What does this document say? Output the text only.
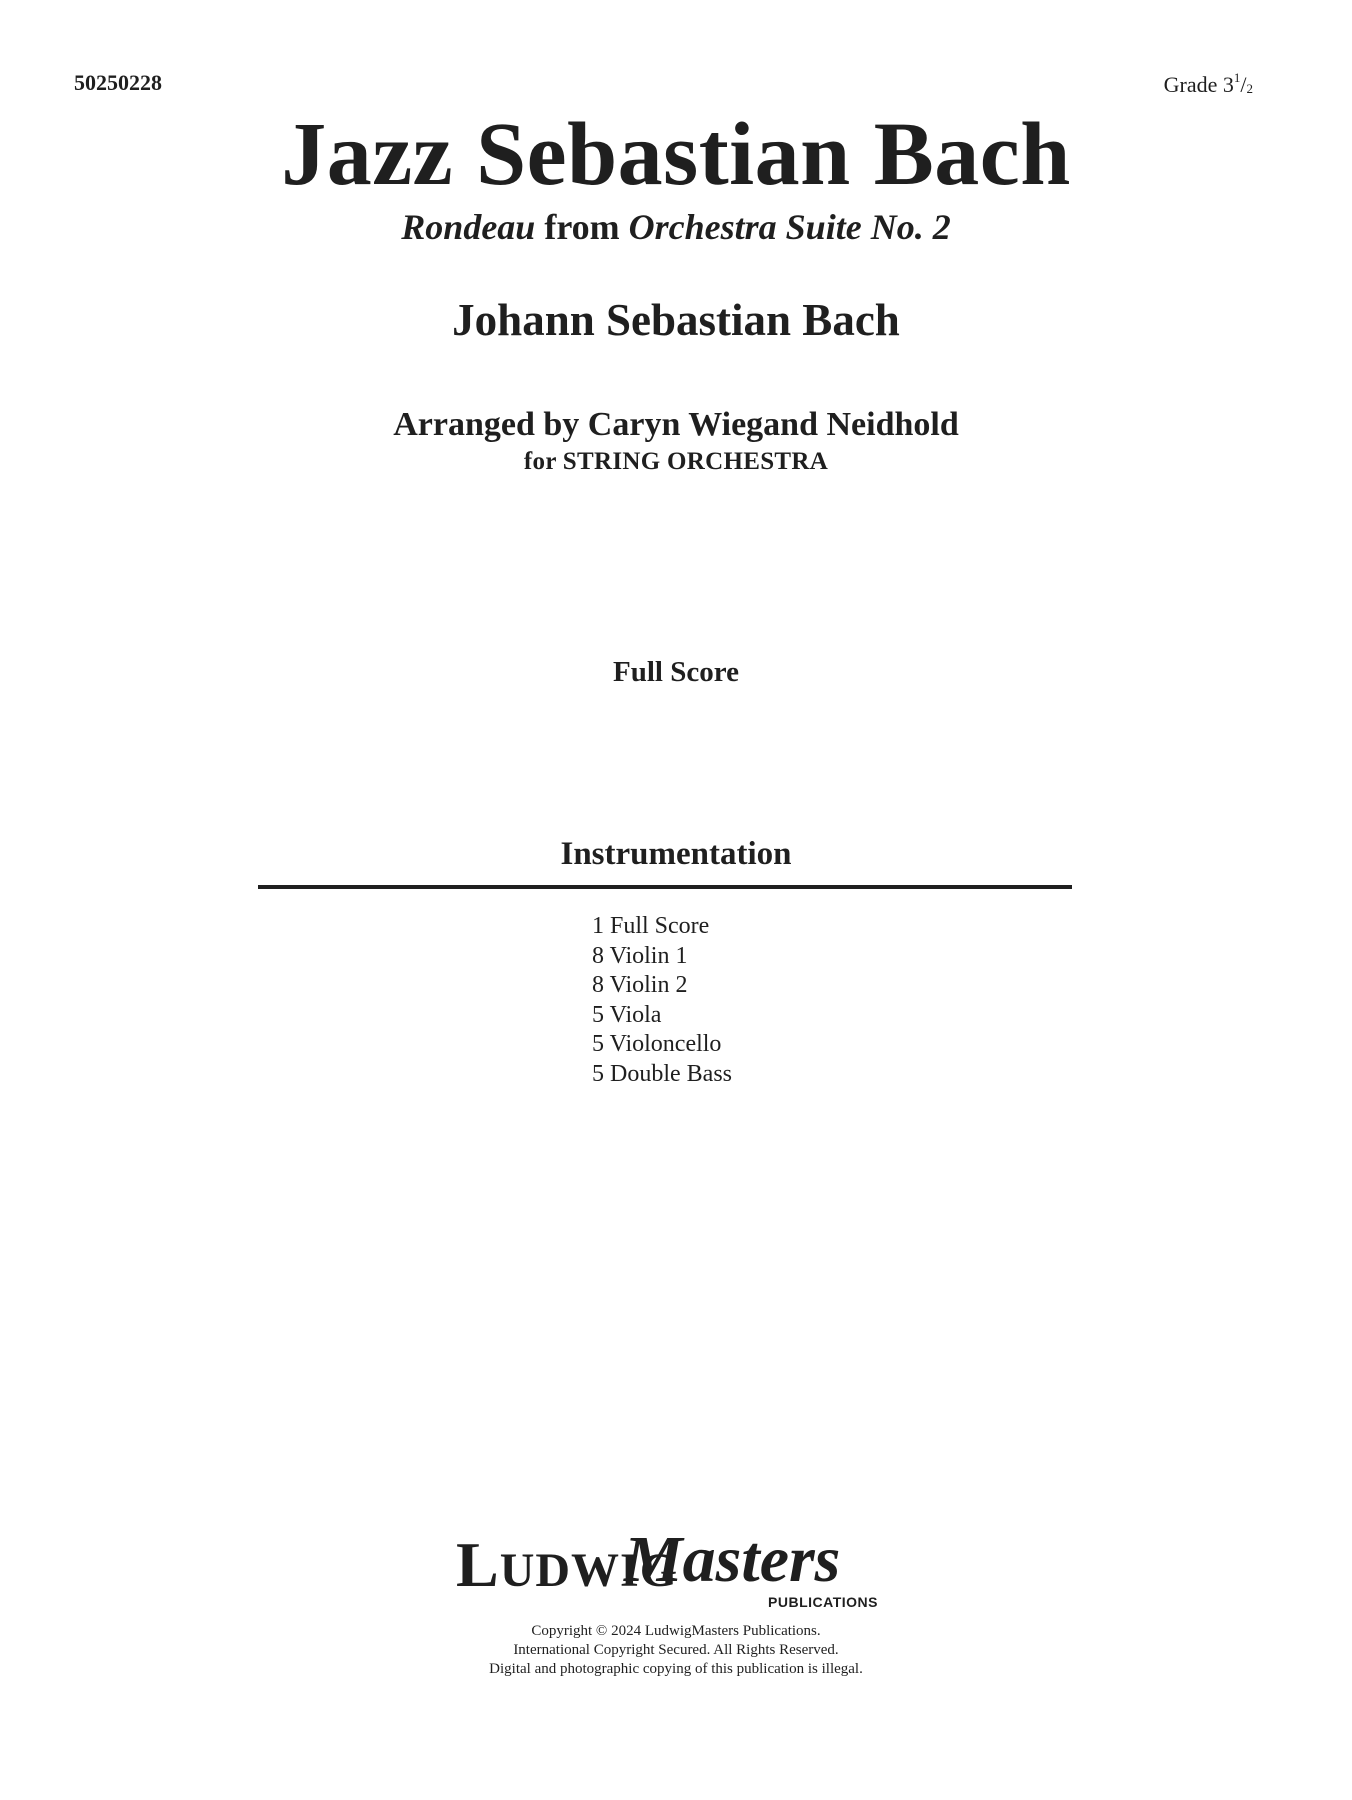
50250228	Grade $3^1/_2$
Jazz Sebastian Bach
Rondeau from Orchestra Suite No. 2
Johann Sebastian Bach
Arranged by Caryn Wiegand Neidhold
for STRING ORCHESTRA
Full Score
Instrumentation
1 Full Score
8 Violin 1
8 Violin 2
5 Viola
5 Violoncello
5 Double Bass
LUDWIG
Masters
PUBLICATIONS
Copyright © 2024 LudwigMasters Publications.
International Copyright Secured. All Rights Reserved.
Digital and photographic copying of this publication is illegal.
